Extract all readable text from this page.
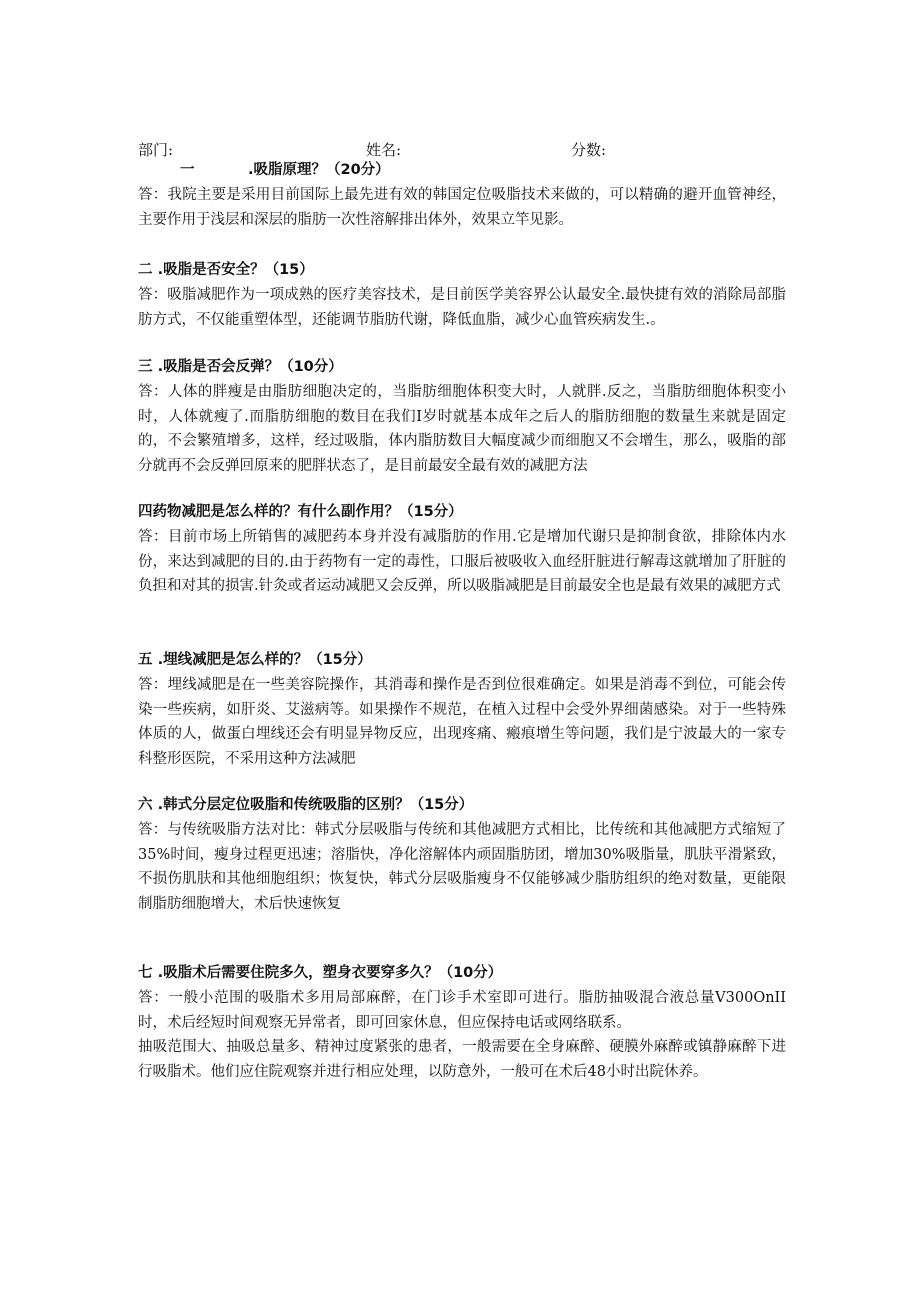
部门:	姓名:	分数:
一	.吸脂原理？（20分）

答：我院主要是采用目前国际上最先进有效的韩国定位吸脂技术来做的，可以精确的避开血管神经，主要作用于浅层和深层的脂肪一次性溶解排出体外，效果立竿见影。

二 .吸脂是否安全？（15）

答：吸脂减肥作为一项成熟的医疗美容技术，是目前医学美容界公认最安全.最快捷有效的消除局部脂肪方式，不仅能重塑体型，还能调节脂肪代谢，降低血脂，减少心血管疾病发生.。

三 .吸脂是否会反弹？（10分）

答：人体的胖瘦是由脂肪细胞决定的，当脂肪细胞体积变大时，人就胖.反之，当脂肪细胞体积变小时，人体就瘦了.而脂肪细胞的数目在我们I岁时就基本成年之后人的脂肪细胞的数量生来就是固定的，不会繁殖增多，这样，经过吸脂，体内脂肪数目大幅度减少而细胞又不会增生，那么，吸脂的部分就再不会反弹回原来的肥胖状态了，是目前最安全最有效的减肥方法

四药物减肥是怎么样的？有什么副作用？（15分）

答：目前市场上所销售的减肥药本身并没有减脂肪的作用.它是增加代谢只是抑制食欲，排除体内水份，来达到减肥的目的.由于药物有一定的毒性，口服后被吸收入血经肝脏进行解毒这就增加了肝脏的负担和对其的损害.针灸或者运动减肥又会反弹，所以吸脂减肥是目前最安全也是最有效果的减肥方式

五 .埋线减肥是怎么样的？（15分）

答：埋线减肥是在一些美容院操作，其消毒和操作是否到位很难确定。如果是消毒不到位，可能会传染一些疾病，如肝炎、艾滋病等。如果操作不规范，在植入过程中会受外界细菌感染。对于一些特殊体质的人，做蛋白埋线还会有明显异物反应，出现疼痛、瘢痕增生等问题，我们是宁波最大的一家专科整形医院，不采用这种方法减肥

六 .韩式分层定位吸脂和传统吸脂的区别？（15分）

答：与传统吸脂方法对比：韩式分层吸脂与传统和其他减肥方式相比，比传统和其他减肥方式缩短了35%时间，瘦身过程更迅速；溶脂快，净化溶解体内顽固脂肪团，增加30%吸脂量，肌肤平滑紧致，不损伤肌肤和其他细胞组织；恢复快，韩式分层吸脂瘦身不仅能够减少脂肪组织的绝对数量，更能限制脂肪细胞增大，术后快速恢复

七 .吸脂术后需要住院多久，塑身衣要穿多久？（10分）

答：一般小范围的吸脂术多用局部麻醉，在门诊手术室即可进行。脂肪抽吸混合液总量V300OnII时，术后经短时间观察无异常者，即可回家休息，但应保持电话或网络联系。

抽吸范围大、抽吸总量多、精神过度紧张的患者，一般需要在全身麻醉、硬膜外麻醉或镇静麻醉下进行吸脂术。他们应住院观察并进行相应处理，以防意外，一般可在术后48小时出院休养。
